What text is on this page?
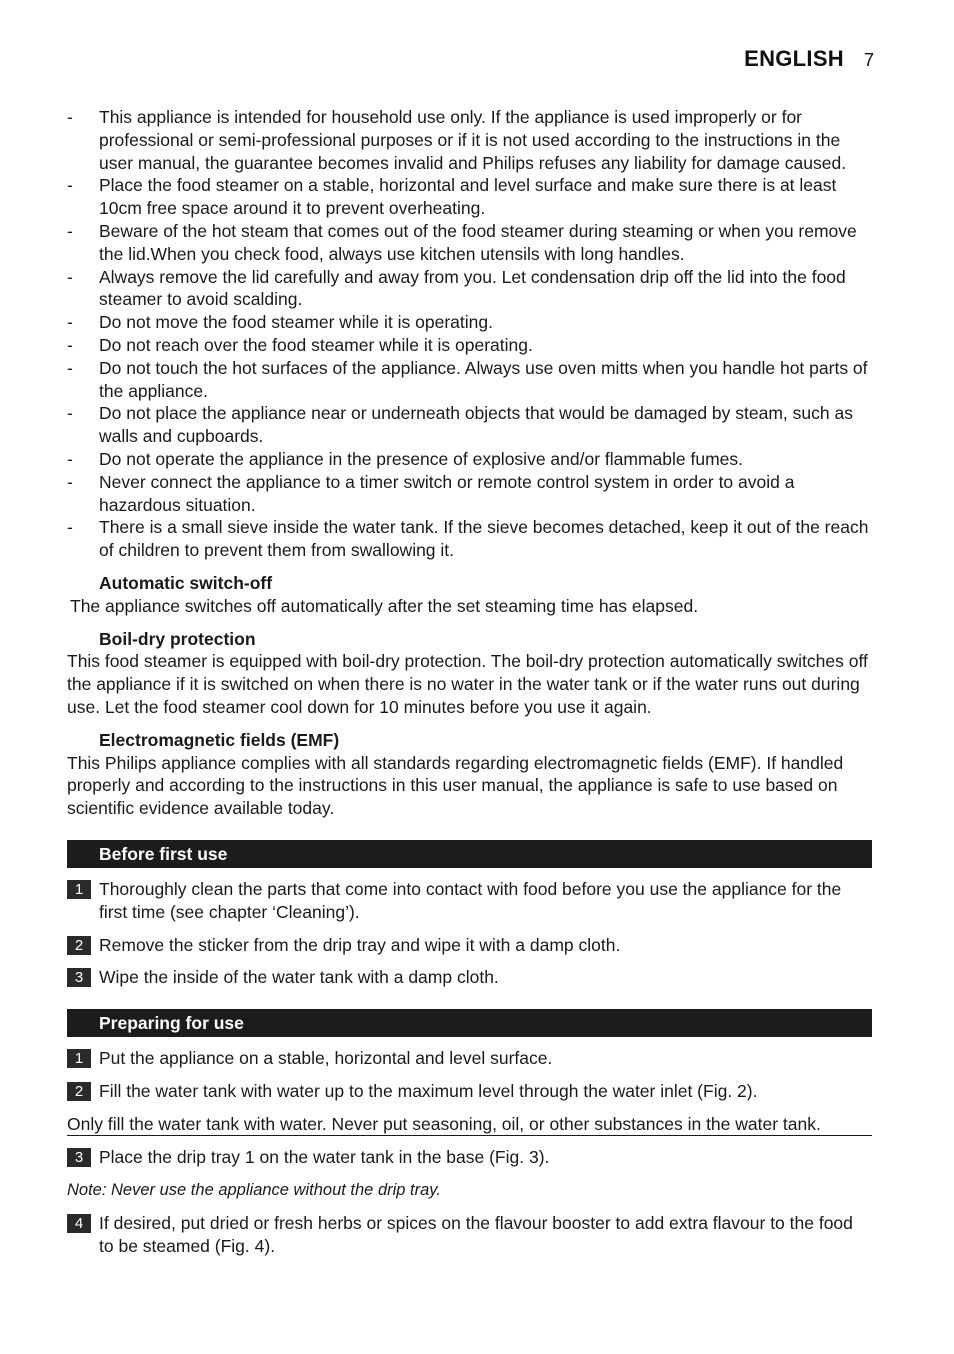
ENGLISH 7
- This appliance is intended for household use only. If the appliance is used improperly or for professional or semi-professional purposes or if it is not used according to the instructions in the user manual, the guarantee becomes invalid and Philips refuses any liability for damage caused.
- Place the food steamer on a stable, horizontal and level surface and make sure there is at least 10cm free space around it to prevent overheating.
- Beware of the hot steam that comes out of the food steamer during steaming or when you remove the lid.When you check food, always use kitchen utensils with long handles.
- Always remove the lid carefully and away from you. Let condensation drip off the lid into the food steamer to avoid scalding.
- Do not move the food steamer while it is operating.
- Do not reach over the food steamer while it is operating.
- Do not touch the hot surfaces of the appliance. Always use oven mitts when you handle hot parts of the appliance.
- Do not place the appliance near or underneath objects that would be damaged by steam, such as walls and cupboards.
- Do not operate the appliance in the presence of explosive and/or flammable fumes.
- Never connect the appliance to a timer switch or remote control system in order to avoid a hazardous situation.
- There is a small sieve inside the water tank. If the sieve becomes detached, keep it out of the reach of children to prevent them from swallowing it.
Automatic switch-off
The appliance switches off automatically after the set steaming time has elapsed.
Boil-dry protection
This food steamer is equipped with boil-dry protection. The boil-dry protection automatically switches off the appliance if it is switched on when there is no water in the water tank or if the water runs out during use. Let the food steamer cool down for 10 minutes before you use it again.
Electromagnetic fields (EMF)
This Philips appliance complies with all standards regarding electromagnetic fields (EMF). If handled properly and according to the instructions in this user manual, the appliance is safe to use based on scientific evidence available today.
Before first use
1 Thoroughly clean the parts that come into contact with food before you use the appliance for the first time (see chapter ‘Cleaning’).
2 Remove the sticker from the drip tray and wipe it with a damp cloth.
3 Wipe the inside of the water tank with a damp cloth.
Preparing for use
1 Put the appliance on a stable, horizontal and level surface.
2 Fill the water tank with water up to the maximum level through the water inlet (Fig. 2).
Only fill the water tank with water. Never put seasoning, oil, or other substances in the water tank.
3 Place the drip tray 1 on the water tank in the base (Fig. 3).
Note: Never use the appliance without the drip tray.
4 If desired, put dried or fresh herbs or spices on the flavour booster to add extra flavour to the food to be steamed (Fig. 4).
